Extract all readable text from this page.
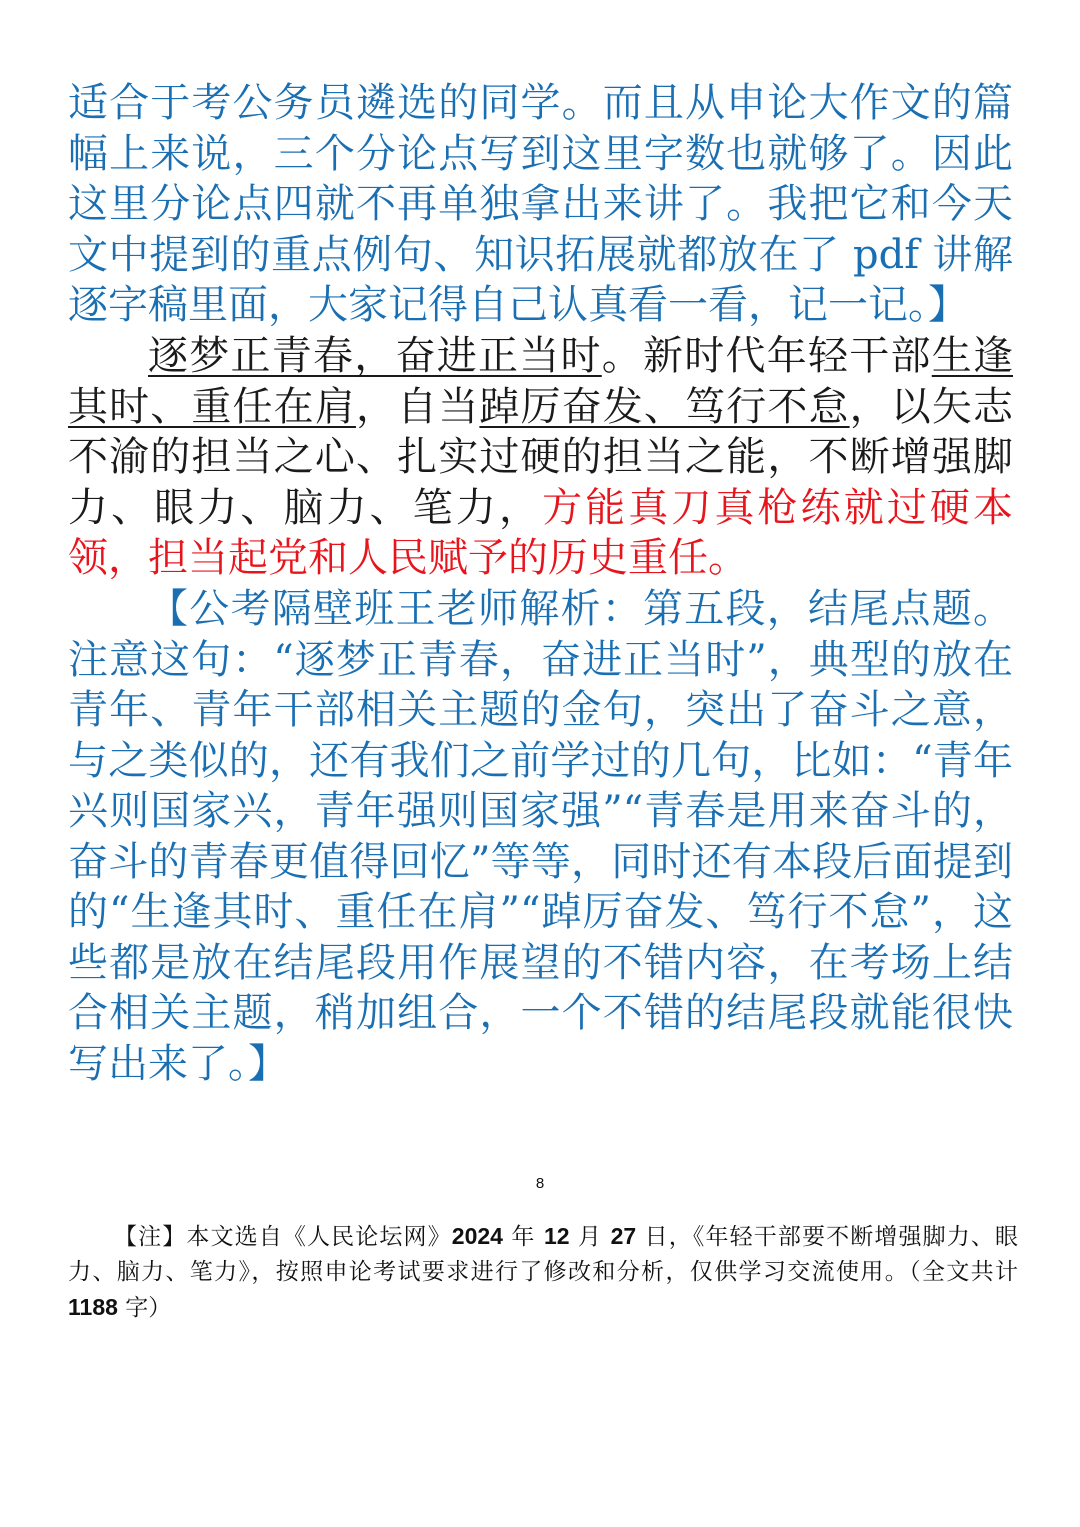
适合于考公务员遴选的同学。而且从申论大作文的篇幅上来说，三个分论点写到这里字数也就够了。因此这里分论点四就不再单独拿出来讲了。我把它和今天文中提到的重点例句、知识拓展就都放在了 pdf 讲解逐字稿里面，大家记得自己认真看一看，记一记。】

逐梦正青春，奋进正当时。新时代年轻干部生逢其时、重任在肩，自当踔厉奋发、笃行不怠，以矢志不渝的担当之心、扎实过硬的担当之能，不断增强脚力、眼力、脑力、笔力，方能真刀真枪练就过硬本领，担当起党和人民赋予的历史重任。

【公考隔壁班王老师解析：第五段，结尾点题。注意这句：“逐梦正青春，奋进正当时”，典型的放在青年、青年干部相关主题的金句，突出了奋斗之意，与之类似的，还有我们之前学过的几句，比如：“青年兴则国家兴，青年强则国家强”“青春是用来奋斗的，奋斗的青春更值得回忆”等等，同时还有本段后面提到的“生逢其时、重任在肩”“踔厉奋发、笃行不怠”，这些都是放在结尾段用作展望的不错内容，在考场上结合相关主题，稍加组合，一个不错的结尾段就能很快写出来了。】

8

【注】本文选自《人民论坛网》2024 年 12 月 27 日，《年轻干部要不断增强脚力、眼力、脑力、笔力》，按照申论考试要求进行了修改和分析，仅供学习交流使用。（全文共计 1188 字）
